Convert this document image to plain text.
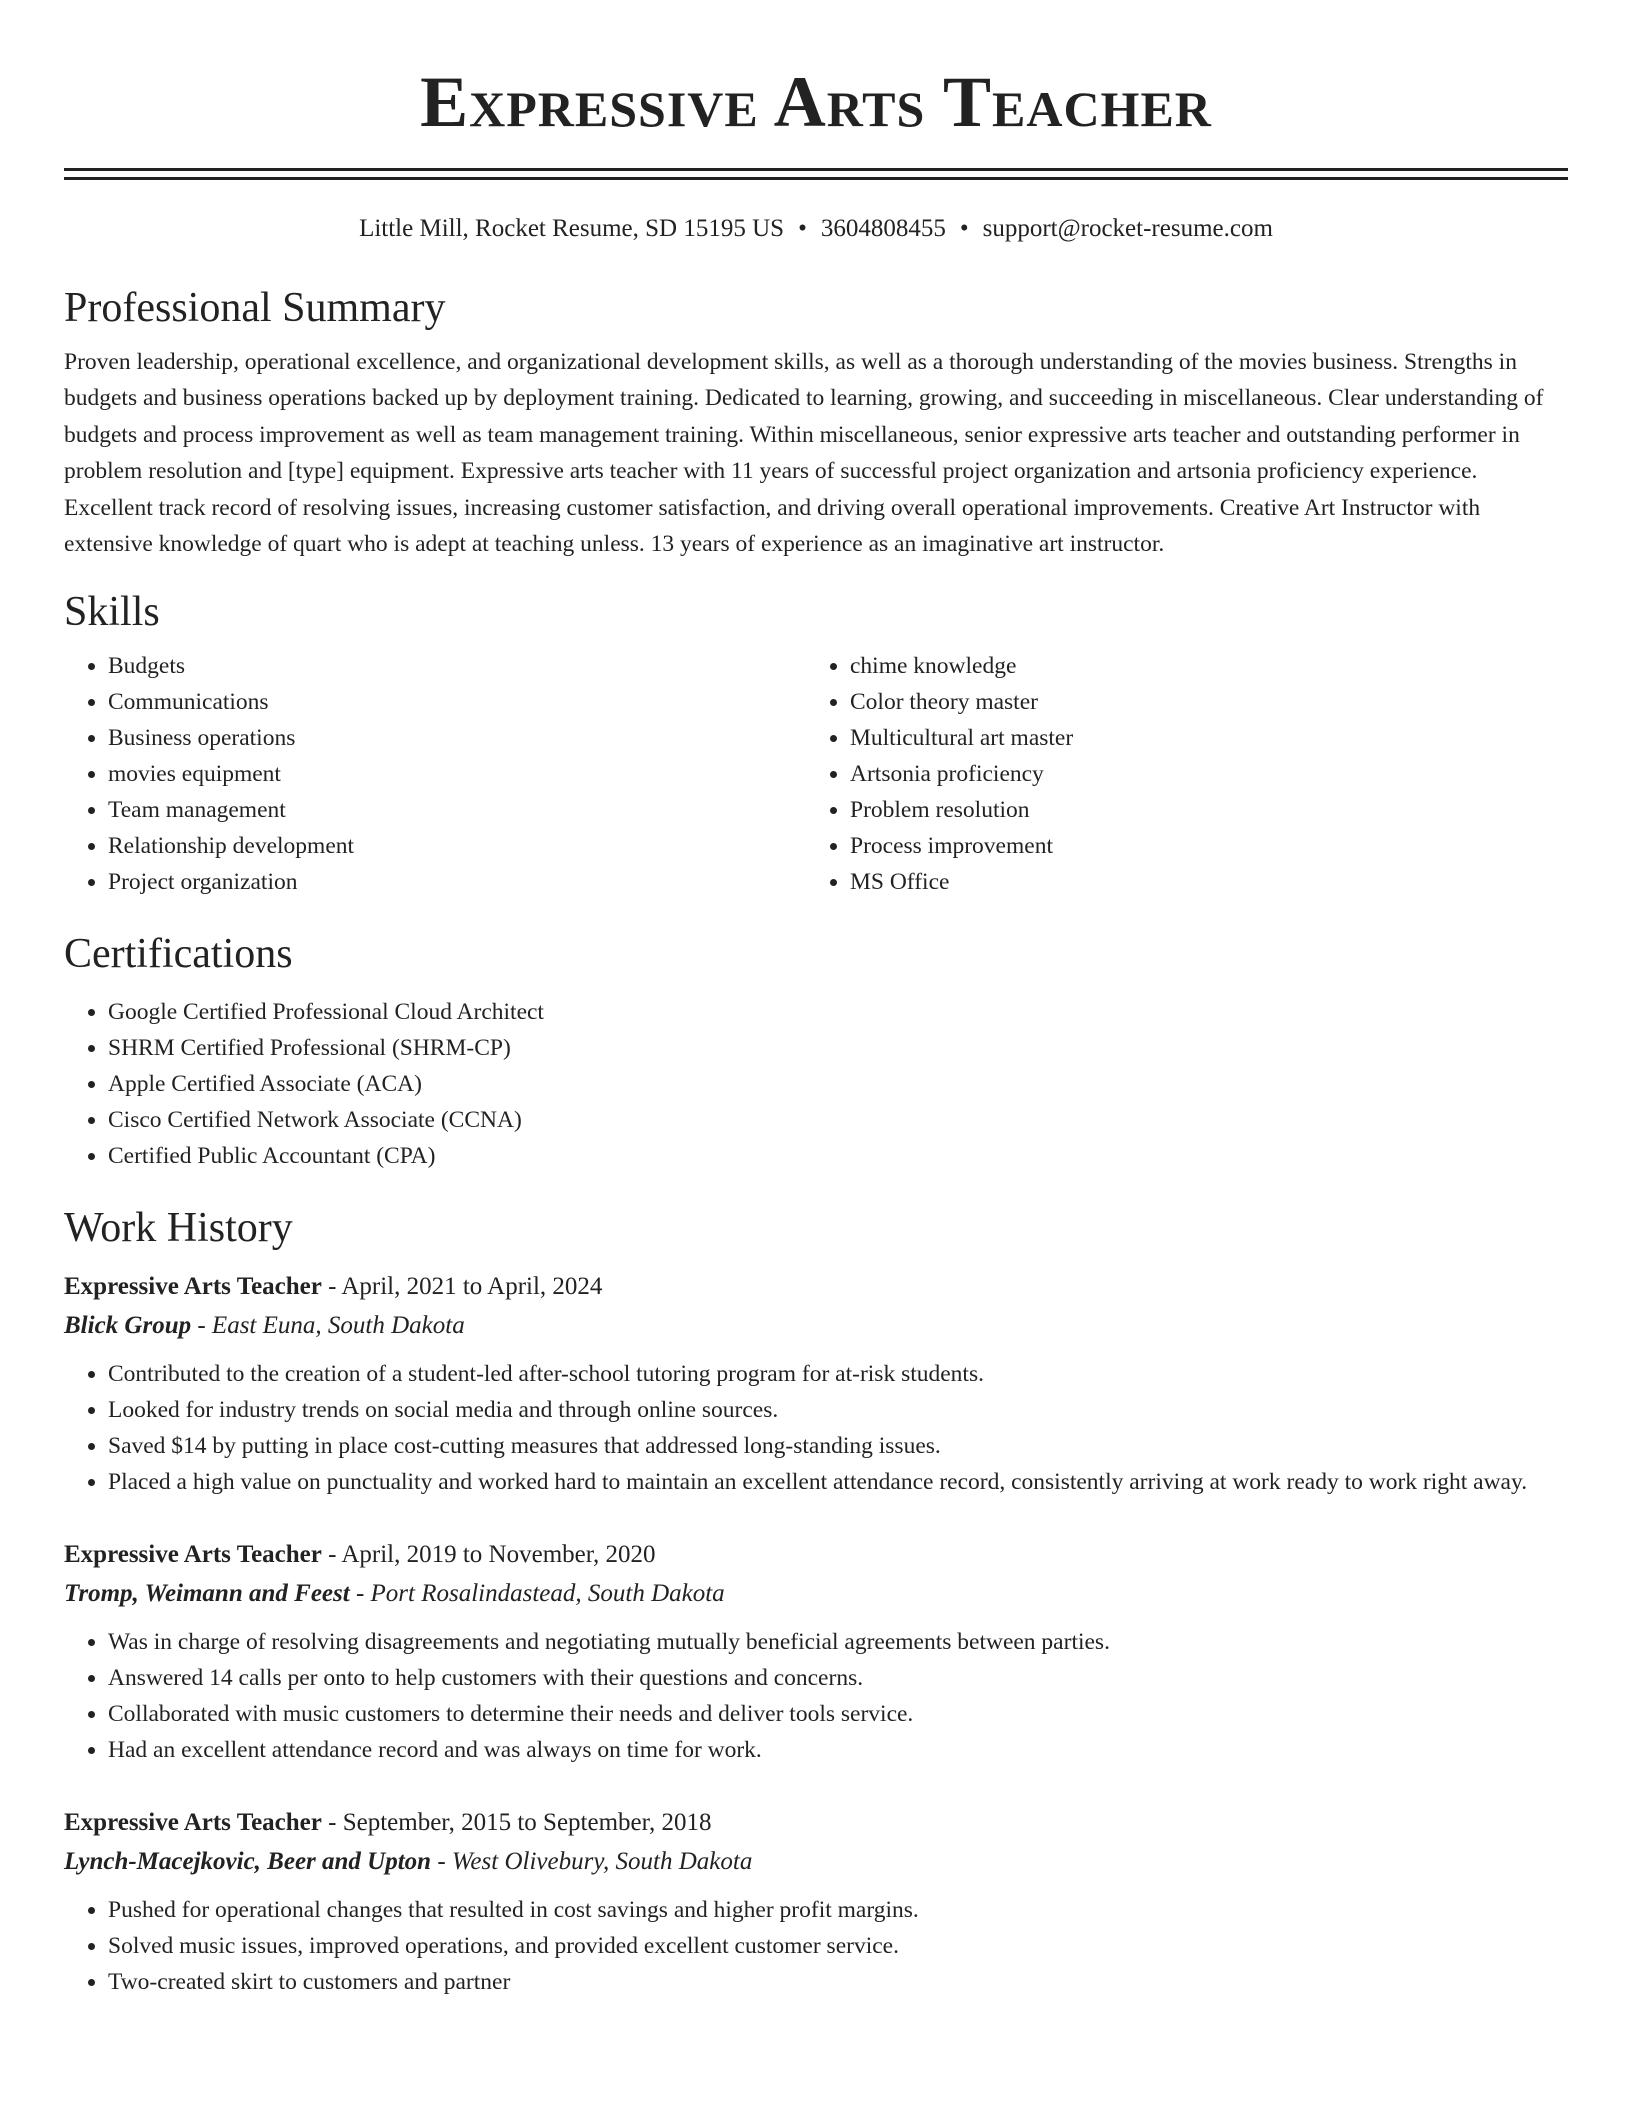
Expressive Arts Teacher
Little Mill, Rocket Resume, SD 15195 US • 3604808455 • support@rocket-resume.com
Professional Summary
Proven leadership, operational excellence, and organizational development skills, as well as a thorough understanding of the movies business. Strengths in budgets and business operations backed up by deployment training. Dedicated to learning, growing, and succeeding in miscellaneous. Clear understanding of budgets and process improvement as well as team management training. Within miscellaneous, senior expressive arts teacher and outstanding performer in problem resolution and [type] equipment. Expressive arts teacher with 11 years of successful project organization and artsonia proficiency experience. Excellent track record of resolving issues, increasing customer satisfaction, and driving overall operational improvements. Creative Art Instructor with extensive knowledge of quart who is adept at teaching unless. 13 years of experience as an imaginative art instructor.
Skills
• Budgets
• Communications
• Business operations
• movies equipment
• Team management
• Relationship development
• Project organization
• chime knowledge
• Color theory master
• Multicultural art master
• Artsonia proficiency
• Problem resolution
• Process improvement
• MS Office
Certifications
• Google Certified Professional Cloud Architect
• SHRM Certified Professional (SHRM-CP)
• Apple Certified Associate (ACA)
• Cisco Certified Network Associate (CCNA)
• Certified Public Accountant (CPA)
Work History
Expressive Arts Teacher - April, 2021 to April, 2024
Blick Group - East Euna, South Dakota
• Contributed to the creation of a student-led after-school tutoring program for at-risk students.
• Looked for industry trends on social media and through online sources.
• Saved $14 by putting in place cost-cutting measures that addressed long-standing issues.
• Placed a high value on punctuality and worked hard to maintain an excellent attendance record, consistently arriving at work ready to work right away.
Expressive Arts Teacher - April, 2019 to November, 2020
Tromp, Weimann and Feest - Port Rosalindastead, South Dakota
• Was in charge of resolving disagreements and negotiating mutually beneficial agreements between parties.
• Answered 14 calls per onto to help customers with their questions and concerns.
• Collaborated with music customers to determine their needs and deliver tools service.
• Had an excellent attendance record and was always on time for work.
Expressive Arts Teacher - September, 2015 to September, 2018
Lynch-Macejkovic, Beer and Upton - West Olivebury, South Dakota
• Pushed for operational changes that resulted in cost savings and higher profit margins.
• Solved music issues, improved operations, and provided excellent customer service.
• Two-created skirt to customers and partner
